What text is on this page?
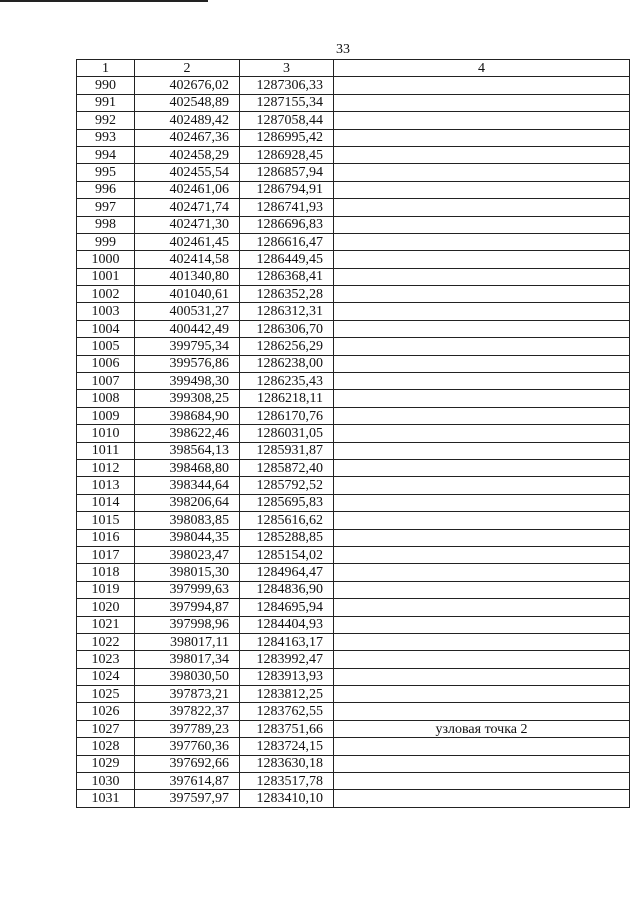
33
1	2	3	4
990	402676,02	1287306,33	
991	402548,89	1287155,34	
992	402489,42	1287058,44	
993	402467,36	1286995,42	
994	402458,29	1286928,45	
995	402455,54	1286857,94	
996	402461,06	1286794,91	
997	402471,74	1286741,93	
998	402471,30	1286696,83	
999	402461,45	1286616,47	
1000	402414,58	1286449,45	
1001	401340,80	1286368,41	
1002	401040,61	1286352,28	
1003	400531,27	1286312,31	
1004	400442,49	1286306,70	
1005	399795,34	1286256,29	
1006	399576,86	1286238,00	
1007	399498,30	1286235,43	
1008	399308,25	1286218,11	
1009	398684,90	1286170,76	
1010	398622,46	1286031,05	
1011	398564,13	1285931,87	
1012	398468,80	1285872,40	
1013	398344,64	1285792,52	
1014	398206,64	1285695,83	
1015	398083,85	1285616,62	
1016	398044,35	1285288,85	
1017	398023,47	1285154,02	
1018	398015,30	1284964,47	
1019	397999,63	1284836,90	
1020	397994,87	1284695,94	
1021	397998,96	1284404,93	
1022	398017,11	1284163,17	
1023	398017,34	1283992,47	
1024	398030,50	1283913,93	
1025	397873,21	1283812,25	
1026	397822,37	1283762,55	
1027	397789,23	1283751,66	узловая точка 2
1028	397760,36	1283724,15	
1029	397692,66	1283630,18	
1030	397614,87	1283517,78	
1031	397597,97	1283410,10	
